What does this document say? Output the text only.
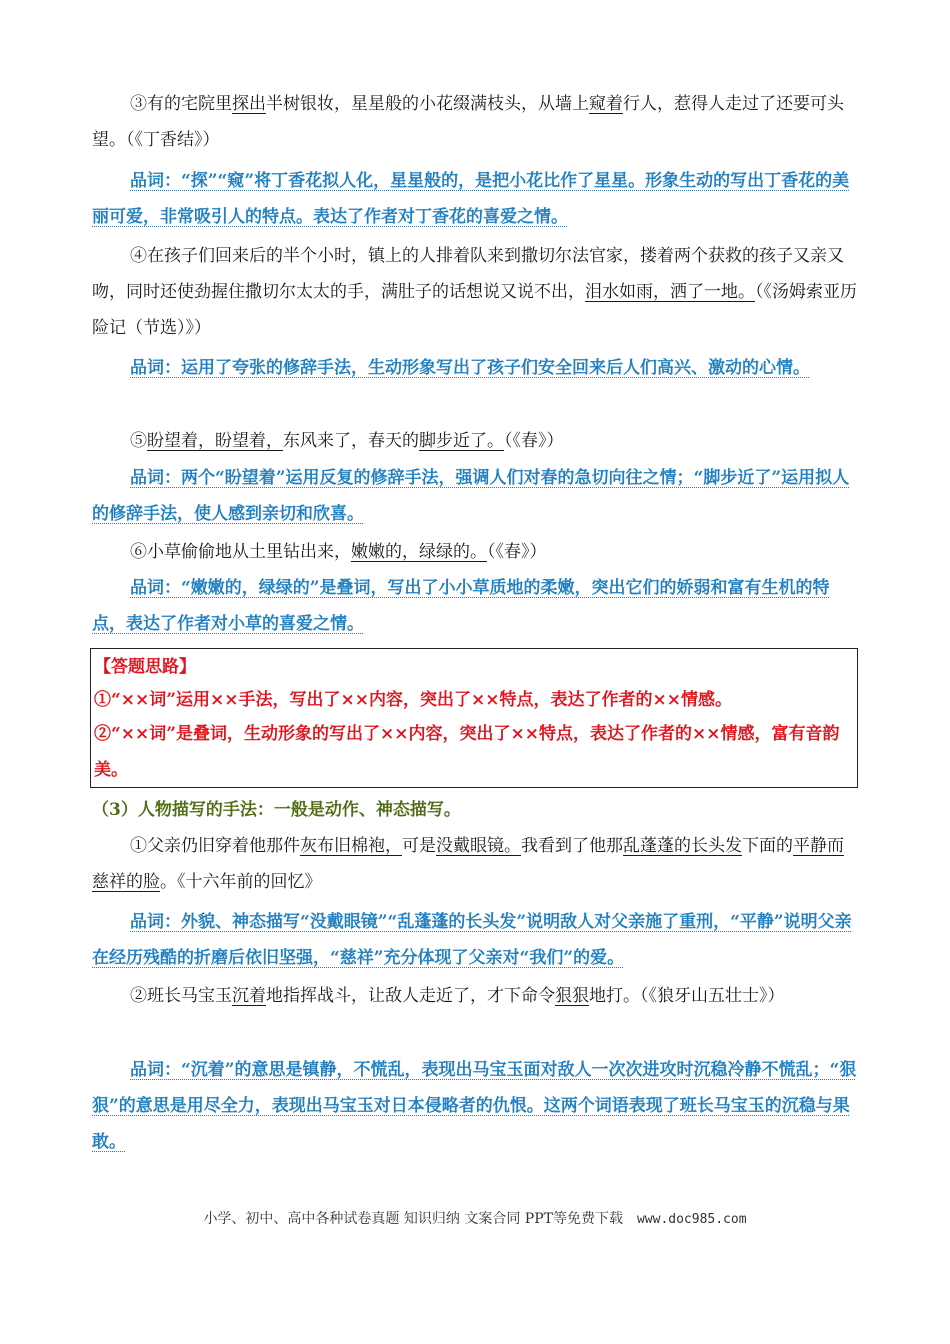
③有的宅院里探出半树银妆，星星般的小花缀满枝头，从墙上窥着行人，惹得人走过了还要可头望。（《丁香结》）
品词：“探”“窥”将丁香花拟人化，星星般的，是把小花比作了星星。形象生动的写出丁香花的美丽可爱，非常吸引人的特点。表达了作者对丁香花的喜爱之情。
④在孩子们回来后的半个小时，镇上的人排着队来到撒切尔法官家，搂着两个获救的孩子又亲又吻，同时还使劲握住撒切尔太太的手，满肚子的话想说又说不出，泪水如雨，洒了一地。（《汤姆索亚历险记（节选）》）
品词：运用了夸张的修辞手法，生动形象写出了孩子们安全回来后人们高兴、激动的心情。
⑤盼望着，盼望着，东风来了，春天的脚步近了。（《春》）
品词：两个“盼望着”运用反复的修辞手法，强调人们对春的急切向往之情；“脚步近了”运用拟人的修辞手法，使人感到亲切和欣喜。
⑥小草偷偷地从土里钻出来，嫩嫩的，绿绿的。（《春》）
品词：“嫩嫩的，绿绿的”是叠词，写出了小小草质地的柔嫩，突出它们的娇弱和富有生机的特点，表达了作者对小草的喜爱之情。
【答题思路】
①“××词”运用××手法，写出了××内容，突出了××特点，表达了作者的××情感。
②“××词”是叠词，生动形象的写出了××内容，突出了××特点，表达了作者的××情感，富有音韵美。
（3）人物描写的手法：一般是动作、神态描写。
①父亲仍旧穿着他那件灰布旧棉袍，可是没戴眼镜。我看到了他那乱蓬蓬的长头发下面的平静而慈祥的脸。《十六年前的回忆》
品词：外貌、神态描写“没戴眼镜”“乱蓬蓬的长头发”说明敌人对父亲施了重刑，“平静”说明父亲在经历残酷的折磨后依旧坚强，“慈祥”充分体现了父亲对“我们”的爱。
②班长马宝玉沉着地指挥战斗，让敌人走近了，才下命令狠狠地打。（《狼牙山五壮士》）
品词：“沉着”的意思是镇静，不慌乱，表现出马宝玉面对敌人一次次进攻时沉稳冷静不慌乱；“狠狠”的意思是用尽全力，表现出马宝玉对日本侵略者的仇恨。这两个词语表现了班长马宝玉的沉稳与果敢。
小学、初中、高中各种试卷真题 知识归纳 文案合同 PPT等免费下载 www.doc985.com
